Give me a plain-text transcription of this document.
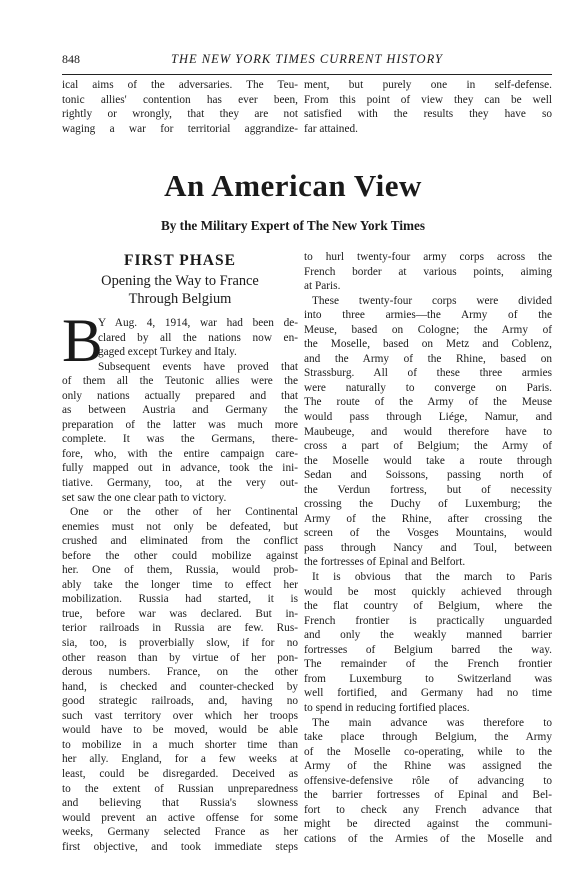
848	THE NEW YORK TIMES CURRENT HISTORY
ical aims of the adversaries. The Teu-
tonic allies' contention has ever been,
rightly or wrongly, that they are not
waging a war for territorial aggrandize-
ment, but purely one in self-defense.
From this point of view they can be well
satisfied with the results they have so
far attained.
An American View
By the Military Expert of The New York Times
FIRST PHASE
Opening the Way to France
Through Belgium
B
Y Aug. 4, 1914, war had been de-
clared by all the nations now en-
gaged except Turkey and Italy.
Subsequent events have proved that
of them all the Teutonic allies were the
only nations actually prepared and that
as between Austria and Germany the
preparation of the latter was much more
complete. It was the Germans, there-
fore, who, with the entire campaign care-
fully mapped out in advance, took the ini-
tiative. Germany, too, at the very out-
set saw the one clear path to victory.
One or the other of her Continental
enemies must not only be defeated, but
crushed and eliminated from the conflict
before the other could mobilize against
her. One of them, Russia, would prob-
ably take the longer time to effect her
mobilization. Russia had started, it is
true, before war was declared. But in-
terior railroads in Russia are few. Rus-
sia, too, is proverbially slow, if for no
other reason than by virtue of her pon-
derous numbers. France, on the other
hand, is checked and counter-checked by
good strategic railroads, and, having no
such vast territory over which her troops
would have to be moved, would be able
to mobilize in a much shorter time than
her ally. England, for a few weeks at
least, could be disregarded. Deceived as
to the extent of Russian unpreparedness
and believing that Russia's slowness
would prevent an active offense for some
weeks, Germany selected France as her
first objective, and took immediate steps
to hurl twenty-four army corps across the
French border at various points, aiming
at Paris.
These twenty-four corps were divided
into three armies—the Army of the
Meuse, based on Cologne; the Army of
the Moselle, based on Metz and Coblenz,
and the Army of the Rhine, based on
Strassburg. All of these three armies
were naturally to converge on Paris.
The route of the Army of the Meuse
would pass through Liége, Namur, and
Maubeuge, and would therefore have to
cross a part of Belgium; the Army of
the Moselle would take a route through
Sedan and Soissons, passing north of
the Verdun fortress, but of necessity
crossing the Duchy of Luxemburg; the
Army of the Rhine, after crossing the
screen of the Vosges Mountains, would
pass through Nancy and Toul, between
the fortresses of Epinal and Belfort.
It is obvious that the march to Paris
would be most quickly achieved through
the flat country of Belgium, where the
French frontier is practically unguarded
and only the weakly manned barrier
fortresses of Belgium barred the way.
The remainder of the French frontier
from Luxemburg to Switzerland was
well fortified, and Germany had no time
to spend in reducing fortified places.
The main advance was therefore to
take place through Belgium, the Army
of the Moselle co-operating, while to the
Army of the Rhine was assigned the
offensive-defensive rôle of advancing to
the barrier fortresses of Epinal and Bel-
fort to check any French advance that
might be directed against the communi-
cations of the Armies of the Moselle and
